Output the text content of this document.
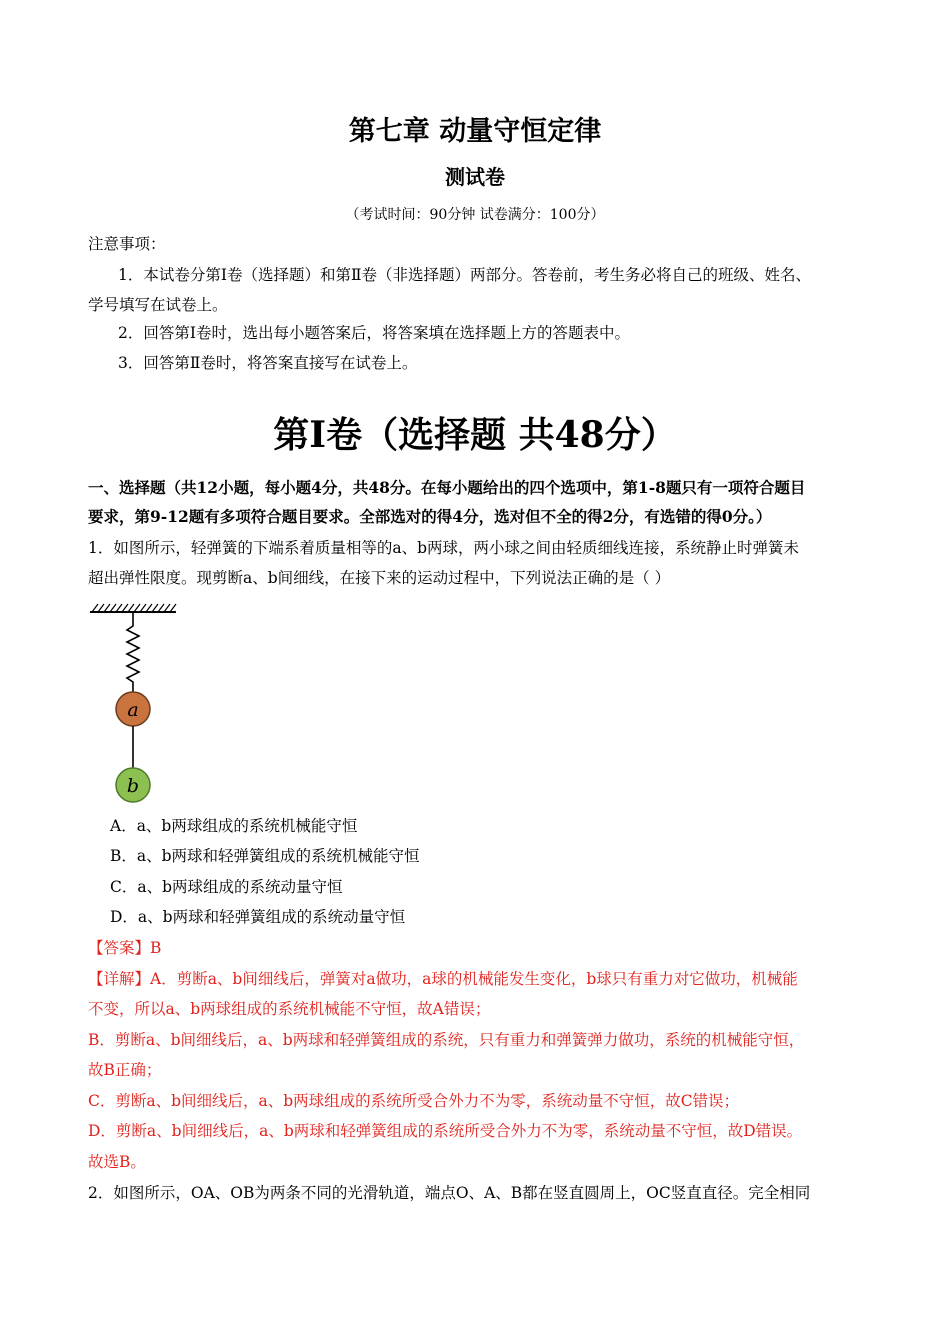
第七章 动量守恒定律
测试卷
（考试时间：90分钟 试卷满分：100分）
注意事项：
1．本试卷分第Ⅰ卷（选择题）和第Ⅱ卷（非选择题）两部分。答卷前，考生务必将自己的班级、姓名、
学号填写在试卷上。
2．回答第Ⅰ卷时，选出每小题答案后，将答案填在选择题上方的答题表中。
3．回答第Ⅱ卷时，将答案直接写在试卷上。
第Ⅰ卷（选择题 共48分）
一、选择题（共12小题，每小题4分，共48分。在每小题给出的四个选项中，第1-8题只有一项符合题目
要求，第9-12题有多项符合题目要求。全部选对的得4分，选对但不全的得2分，有选错的得0分。）
1．如图所示，轻弹簧的下端系着质量相等的a、b两球，两小球之间由轻质细线连接，系统静止时弹簧未
超出弹性限度。现剪断a、b间细线，在接下来的运动过程中，下列说法正确的是（ ）
a
b
A．a、b两球组成的系统机械能守恒
B．a、b两球和轻弹簧组成的系统机械能守恒
C．a、b两球组成的系统动量守恒
D．a、b两球和轻弹簧组成的系统动量守恒
【答案】B
【详解】A．剪断a、b间细线后，弹簧对a做功，a球的机械能发生变化，b球只有重力对它做功，机械能
不变，所以a、b两球组成的系统机械能不守恒，故A错误；
B．剪断a、b间细线后，a、b两球和轻弹簧组成的系统，只有重力和弹簧弹力做功，系统的机械能守恒，
故B正确；
C．剪断a、b间细线后，a、b两球组成的系统所受合外力不为零，系统动量不守恒，故C错误；
D．剪断a、b间细线后，a、b两球和轻弹簧组成的系统所受合外力不为零，系统动量不守恒，故D错误。
故选B。
2．如图所示，OA、OB为两条不同的光滑轨道，端点O、A、B都在竖直圆周上，OC竖直直径。完全相同
